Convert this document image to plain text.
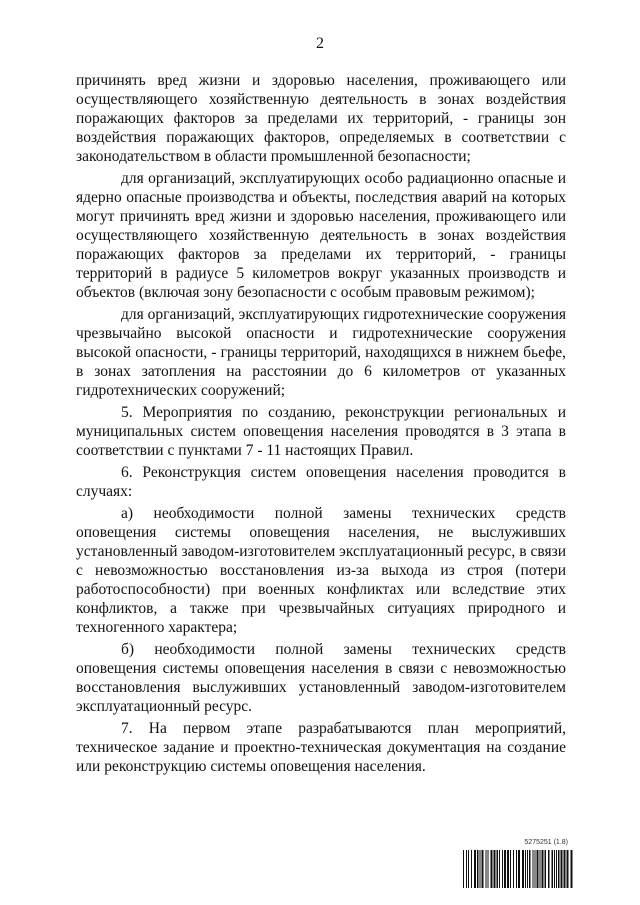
2

причинять вред жизни и здоровью населения, проживающего или осуществляющего хозяйственную деятельность в зонах воздействия поражающих факторов за пределами их территорий, - границы зон воздействия поражающих факторов, определяемых в соответствии с законодательством в области промышленной безопасности;

для организаций, эксплуатирующих особо радиационно опасные и ядерно опасные производства и объекты, последствия аварий на которых могут причинять вред жизни и здоровью населения, проживающего или осуществляющего хозяйственную деятельность в зонах воздействия поражающих факторов за пределами их территорий, - границы территорий в радиусе 5 километров вокруг указанных производств и объектов (включая зону безопасности с особым правовым режимом);

для организаций, эксплуатирующих гидротехнические сооружения чрезвычайно высокой опасности и гидротехнические сооружения высокой опасности, - границы территорий, находящихся в нижнем бьефе, в зонах затопления на расстоянии до 6 километров от указанных гидротехнических сооружений;

5. Мероприятия по созданию, реконструкции региональных и муниципальных систем оповещения населения проводятся в 3 этапа в соответствии с пунктами 7 - 11 настоящих Правил.

6. Реконструкция систем оповещения населения проводится в случаях:

а) необходимости полной замены технических средств оповещения системы оповещения населения, не выслуживших установленный заводом-изготовителем эксплуатационный ресурс, в связи с невозможностью восстановления из-за выхода из строя (потери работоспособности) при военных конфликтах или вследствие этих конфликтов, а также при чрезвычайных ситуациях природного и техногенного характера;

б) необходимости полной замены технических средств оповещения системы оповещения населения в связи с невозможностью восстановления выслуживших установленный заводом-изготовителем эксплуатационный ресурс.

7. На первом этапе разрабатываются план мероприятий, техническое задание и проектно-техническая документация на создание или реконструкцию системы оповещения населения.

5275251 (1.8)
